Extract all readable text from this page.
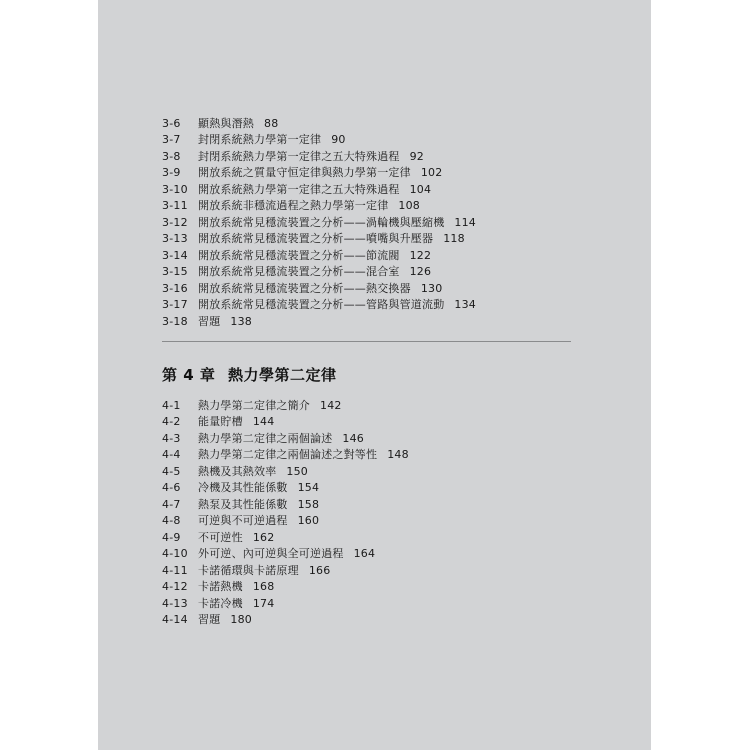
3-6 顯熱與潛熱 88
3-7 封閉系統熱力學第一定律 90
3-8 封閉系統熱力學第一定律之五大特殊過程 92
3-9 開放系統之質量守恒定律與熱力學第一定律 102
3-10 開放系統熱力學第一定律之五大特殊過程 104
3-11 開放系統非穩流過程之熱力學第一定律 108
3-12 開放系統常見穩流裝置之分析——渦輪機與壓縮機 114
3-13 開放系統常見穩流裝置之分析——噴嘴與升壓器 118
3-14 開放系統常見穩流裝置之分析——節流閥 122
3-15 開放系統常見穩流裝置之分析——混合室 126
3-16 開放系統常見穩流裝置之分析——熱交換器 130
3-17 開放系統常見穩流裝置之分析——管路與管道流動 134
3-18 習題 138
第 4 章 熱力學第二定律
4-1 熱力學第二定律之簡介 142
4-2 能量貯槽 144
4-3 熱力學第二定律之兩個論述 146
4-4 熱力學第二定律之兩個論述之對等性 148
4-5 熱機及其熱效率 150
4-6 冷機及其性能係數 154
4-7 熱泵及其性能係數 158
4-8 可逆與不可逆過程 160
4-9 不可逆性 162
4-10 外可逆、內可逆與全可逆過程 164
4-11 卡諾循環與卡諾原理 166
4-12 卡諾熱機 168
4-13 卡諾冷機 174
4-14 習題 180
